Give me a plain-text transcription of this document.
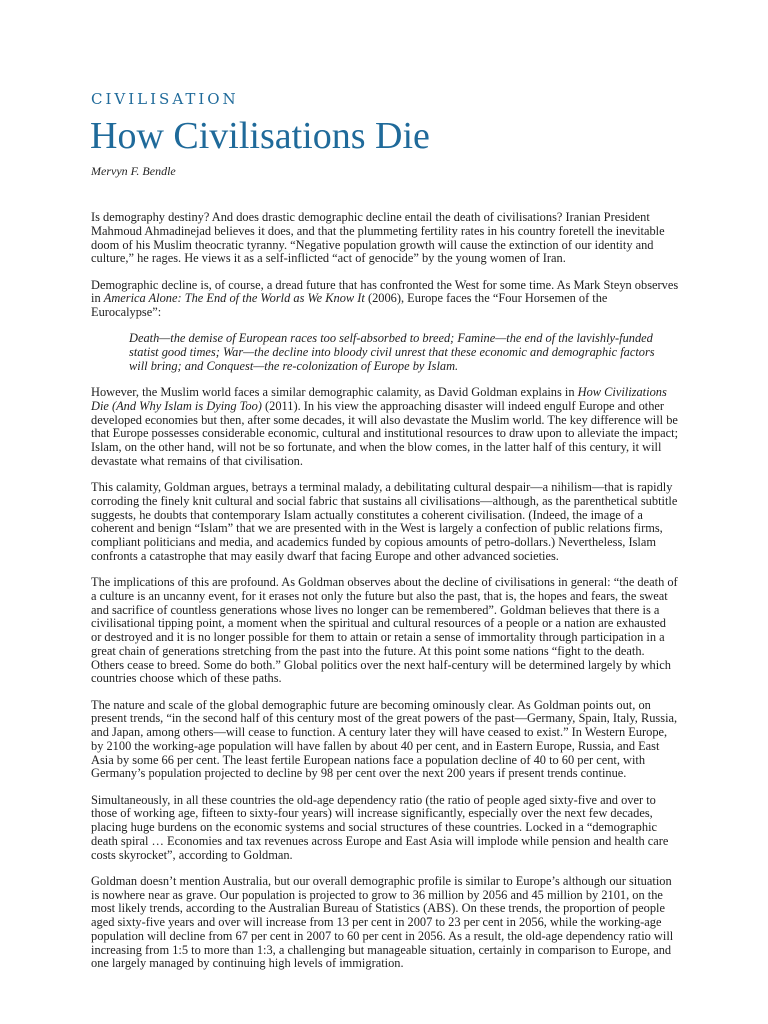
CIVILISATION
How Civilisations Die
Mervyn F. Bendle

Is demography destiny? And does drastic demographic decline entail the death of civilisations? Iranian President Mahmoud Ahmadinejad believes it does, and that the plummeting fertility rates in his country foretell the inevitable doom of his Muslim theocratic tyranny. “Negative population growth will cause the extinction of our identity and culture,” he rages. He views it as a self-inflicted “act of genocide” by the young women of Iran.

Demographic decline is, of course, a dread future that has confronted the West for some time. As Mark Steyn observes in America Alone: The End of the World as We Know It (2006), Europe faces the “Four Horsemen of the Eurocalypse”:

Death—the demise of European races too self-absorbed to breed; Famine—the end of the lavishly-funded statist good times; War—the decline into bloody civil unrest that these economic and demographic factors will bring; and Conquest—the re-colonization of Europe by Islam.

However, the Muslim world faces a similar demographic calamity, as David Goldman explains in How Civilizations Die (And Why Islam is Dying Too) (2011). In his view the approaching disaster will indeed engulf Europe and other developed economies but then, after some decades, it will also devastate the Muslim world. The key difference will be that Europe possesses considerable economic, cultural and institutional resources to draw upon to alleviate the impact; Islam, on the other hand, will not be so fortunate, and when the blow comes, in the latter half of this century, it will devastate what remains of that civilisation.

This calamity, Goldman argues, betrays a terminal malady, a debilitating cultural despair—a nihilism—that is rapidly corroding the finely knit cultural and social fabric that sustains all civilisations—although, as the parenthetical subtitle suggests, he doubts that contemporary Islam actually constitutes a coherent civilisation. (Indeed, the image of a coherent and benign “Islam” that we are presented with in the West is largely a confection of public relations firms, compliant politicians and media, and academics funded by copious amounts of petro-dollars.) Nevertheless, Islam confronts a catastrophe that may easily dwarf that facing Europe and other advanced societies.

The implications of this are profound. As Goldman observes about the decline of civilisations in general: “the death of a culture is an uncanny event, for it erases not only the future but also the past, that is, the hopes and fears, the sweat and sacrifice of countless generations whose lives no longer can be remembered”. Goldman believes that there is a civilisational tipping point, a moment when the spiritual and cultural resources of a people or a nation are exhausted or destroyed and it is no longer possible for them to attain or retain a sense of immortality through participation in a great chain of generations stretching from the past into the future. At this point some nations “fight to the death. Others cease to breed. Some do both.” Global politics over the next half-century will be determined largely by which countries choose which of these paths.

The nature and scale of the global demographic future are becoming ominously clear. As Goldman points out, on present trends, “in the second half of this century most of the great powers of the past—Germany, Spain, Italy, Russia, and Japan, among others—will cease to function. A century later they will have ceased to exist.” In Western Europe, by 2100 the working-age population will have fallen by about 40 per cent, and in Eastern Europe, Russia, and East Asia by some 66 per cent. The least fertile European nations face a population decline of 40 to 60 per cent, with Germany’s population projected to decline by 98 per cent over the next 200 years if present trends continue.

Simultaneously, in all these countries the old-age dependency ratio (the ratio of people aged sixty-five and over to those of working age, fifteen to sixty-four years) will increase significantly, especially over the next few decades, placing huge burdens on the economic systems and social structures of these countries. Locked in a “demographic death spiral … Economies and tax revenues across Europe and East Asia will implode while pension and health care costs skyrocket”, according to Goldman.

Goldman doesn’t mention Australia, but our overall demographic profile is similar to Europe’s although our situation is nowhere near as grave. Our population is projected to grow to 36 million by 2056 and 45 million by 2101, on the most likely trends, according to the Australian Bureau of Statistics (ABS). On these trends, the proportion of people aged sixty-five years and over will increase from 13 per cent in 2007 to 23 per cent in 2056, while the working-age population will decline from 67 per cent in 2007 to 60 per cent in 2056. As a result, the old-age dependency ratio will increasing from 1:5 to more than 1:3, a challenging but manageable situation, certainly in comparison to Europe, and one largely managed by continuing high levels of immigration.
